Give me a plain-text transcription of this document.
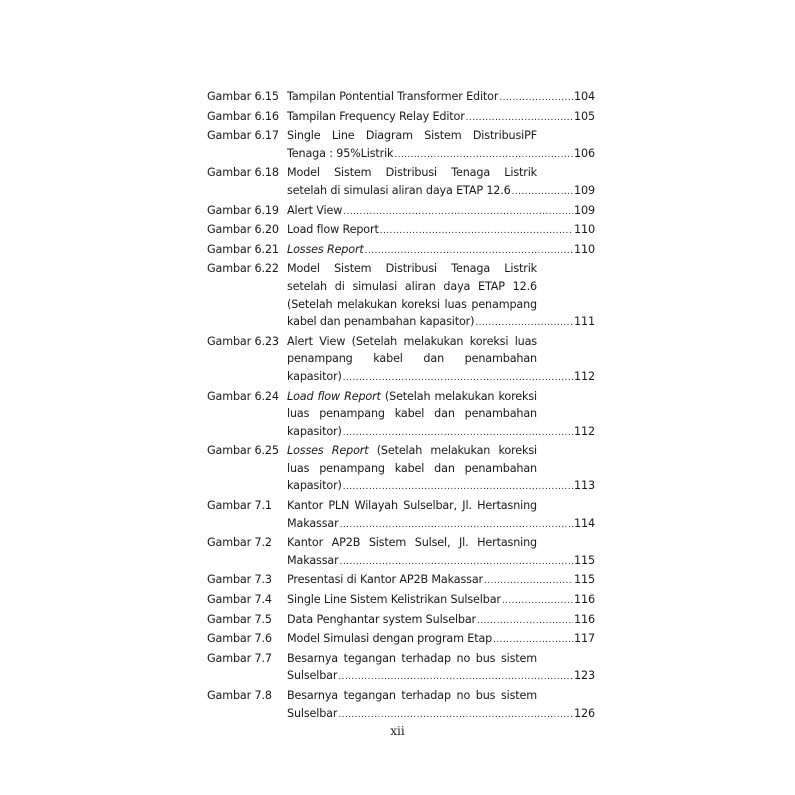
Gambar 6.15 Tampilan Pontential Transformer Editor .....	104
Gambar 6.16 Tampilan Frequency Relay Editor .....	105
Gambar 6.17 Single Line Diagram Sistem DistribusiPF
Tenaga : 95%Listrik .....	106
Gambar 6.18 Model Sistem Distribusi Tenaga Listrik
setelah di simulasi aliran daya ETAP 12.6 .....	109
Gambar 6.19 Alert View .....	109
Gambar 6.20 Load flow Report .....	110
Gambar 6.21 Losses Report .....	110
Gambar 6.22 Model Sistem Distribusi Tenaga Listrik
setelah di simulasi aliran daya ETAP 12.6
(Setelah melakukan koreksi luas penampang
kabel dan penambahan kapasitor) .....	111
Gambar 6.23 Alert View (Setelah melakukan koreksi luas
penampang kabel dan penambahan
kapasitor) .....	112
Gambar 6.24 Load flow Report (Setelah melakukan koreksi
luas penampang kabel dan penambahan
kapasitor) .....	112
Gambar 6.25 Losses Report (Setelah melakukan koreksi
luas penampang kabel dan penambahan
kapasitor) .....	113
Gambar 7.1	Kantor PLN Wilayah Sulselbar, Jl. Hertasning
Makassar .....	114
Gambar 7.2	Kantor AP2B Sistem Sulsel, Jl. Hertasning
Makassar .....	115
Gambar 7.3	Presentasi di Kantor AP2B Makassar .....	115
Gambar 7.4	Single Line Sistem Kelistrikan Sulselbar .....	116
Gambar 7.5	Data Penghantar system Sulselbar .....	116
Gambar 7.6	Model Simulasi dengan program Etap .....	117
Gambar 7.7	Besarnya tegangan terhadap no bus sistem
Sulselbar .....	123
Gambar 7.8	Besarnya tegangan terhadap no bus sistem
Sulselbar .....	126
xii
